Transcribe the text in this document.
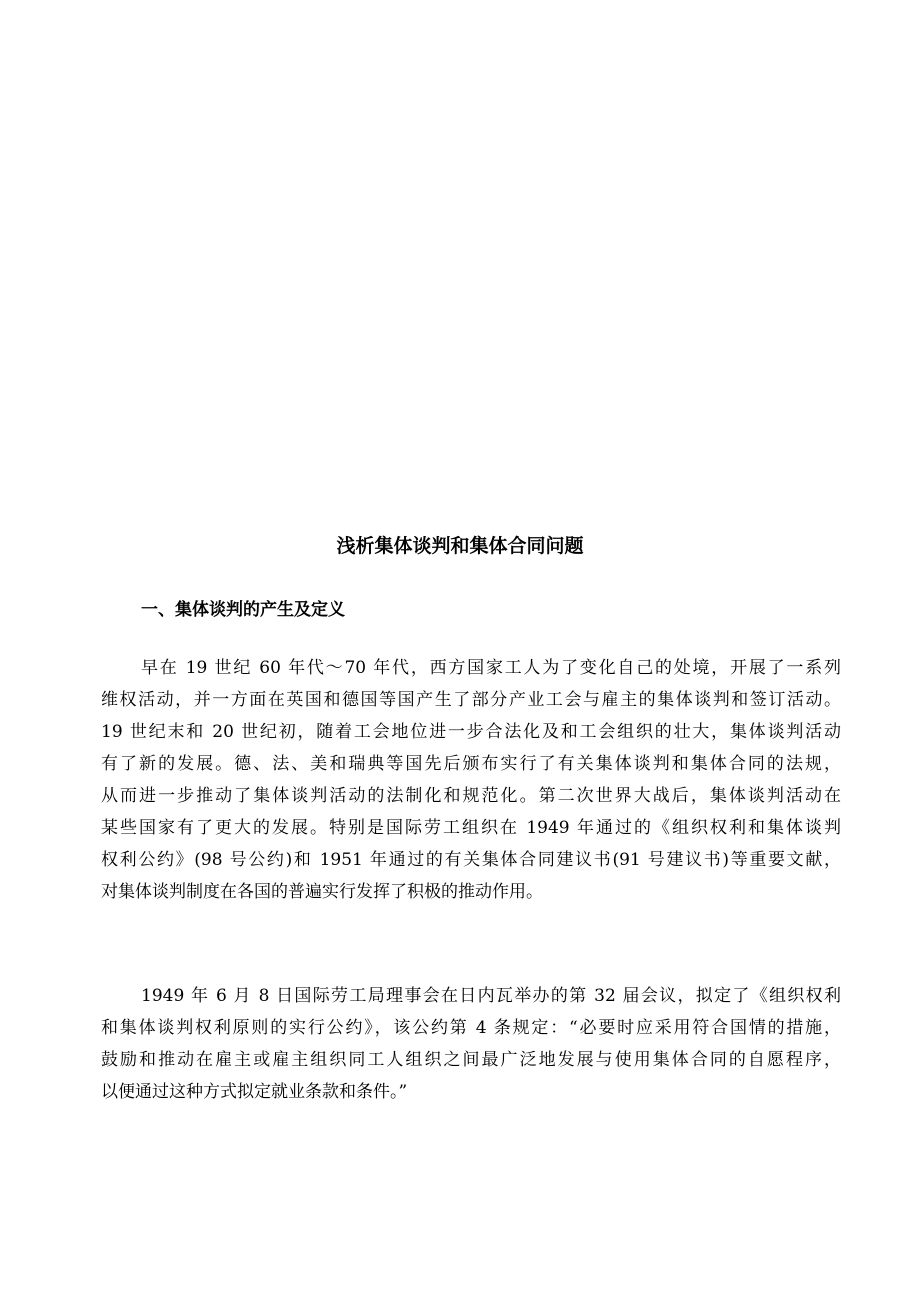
浅析集体谈判和集体合同问题
一、集体谈判的产生及定义
早在 19 世纪 60 年代～70 年代，西方国家工人为了变化自己的处境，开展了一系列
维权活动，并一方面在英国和德国等国产生了部分产业工会与雇主的集体谈判和签订活动。
19 世纪末和 20 世纪初，随着工会地位进一步合法化及和工会组织的壮大，集体谈判活动
有了新的发展。德、法、美和瑞典等国先后颁布实行了有关集体谈判和集体合同的法规，
从而进一步推动了集体谈判活动的法制化和规范化。第二次世界大战后，集体谈判活动在
某些国家有了更大的发展。特别是国际劳工组织在 1949 年通过的《组织权利和集体谈判
权利公约》(98 号公约)和 1951 年通过的有关集体合同建议书(91 号建议书)等重要文献，
对集体谈判制度在各国的普遍实行发挥了积极的推动作用。
1949 年 6 月 8 日国际劳工局理事会在日内瓦举办的第 32 届会议，拟定了《组织权利
和集体谈判权利原则的实行公约》，该公约第 4 条规定：“必要时应采用符合国情的措施，
鼓励和推动在雇主或雇主组织同工人组织之间最广泛地发展与使用集体合同的自愿程序，
以便通过这种方式拟定就业条款和条件。”
